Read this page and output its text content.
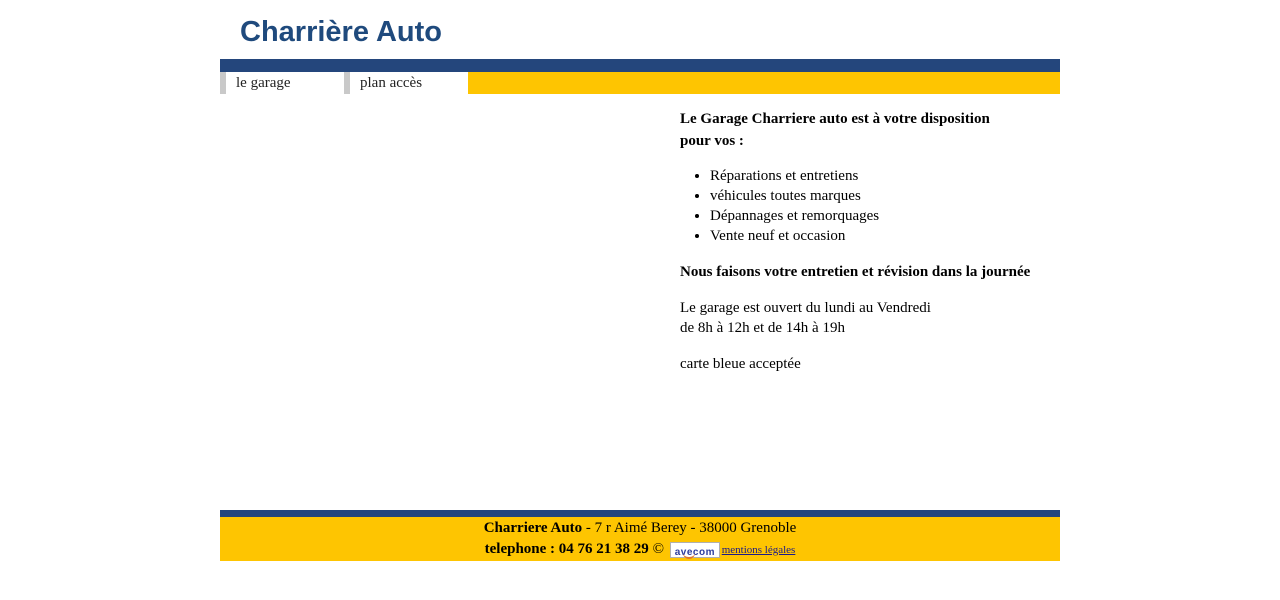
Charrière Auto
le garage	plan accès

Le Garage Charriere auto est à votre disposition
pour vos :

• Réparations et entretiens
• véhicules toutes marques
• Dépannages et remorquages
• Vente neuf et occasion

Nous faisons votre entretien et révision dans la journée

Le garage est ouvert du lundi au Vendredi
de 8h à 12h et de 14h à 19h

carte bleue acceptée

Charriere Auto - 7 r Aimé Berey - 38000 Grenoble
telephone : 04 76 21 38 29 © avecom mentions légales
